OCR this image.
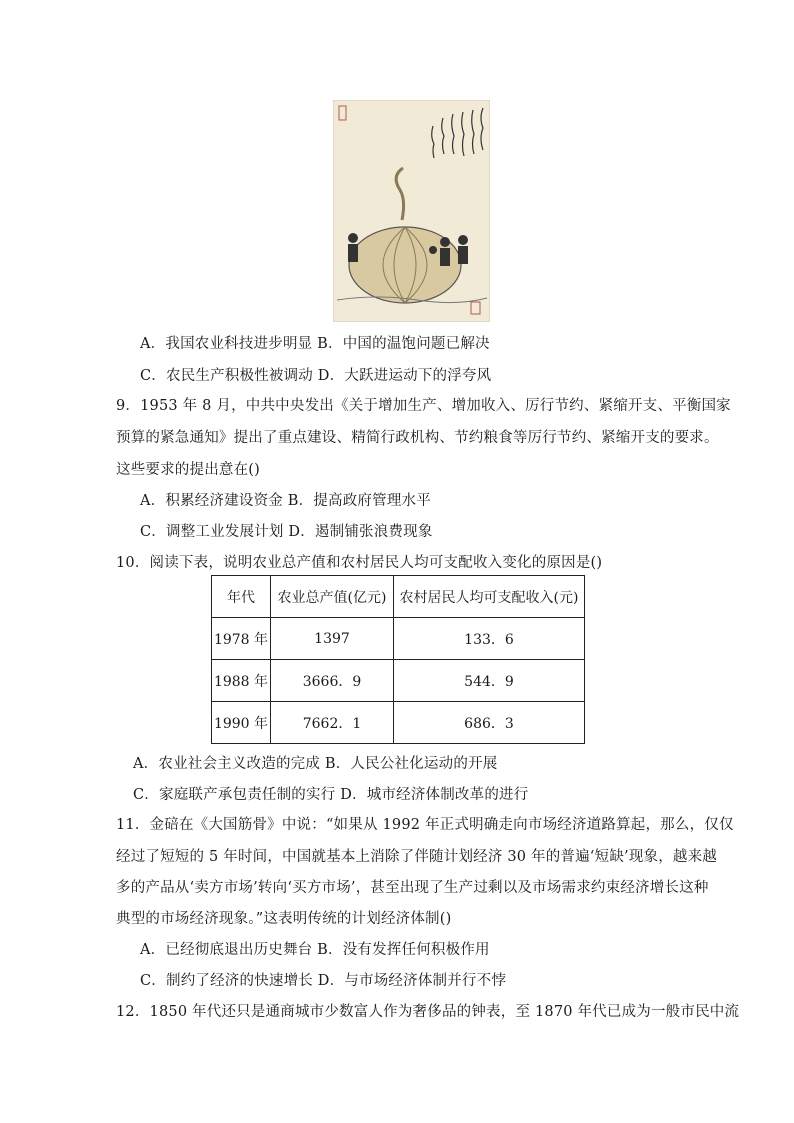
A．我国农业科技进步明显 B．中国的温饱问题已解决
C．农民生产积极性被调动 D．大跃进运动下的浮夸风
9．1953 年 8 月，中共中央发出《关于增加生产、增加收入、厉行节约、紧缩开支、平衡国家
预算的紧急通知》提出了重点建设、精简行政机构、节约粮食等厉行节约、紧缩开支的要求。
这些要求的提出意在()
A．积累经济建设资金 B．提高政府管理水平
C．调整工业发展计划 D．遏制铺张浪费现象
10．阅读下表，说明农业总产值和农村居民人均可支配收入变化的原因是()
年代	农业总产值(亿元)	农村居民人均可支配收入(元)
1978 年	1397	133．6
1988 年	3666．9	544．9
1990 年	7662．1	686．3
A．农业社会主义改造的完成 B．人民公社化运动的开展
C．家庭联产承包责任制的实行 D．城市经济体制改革的进行
11．金碚在《大国筋骨》中说：“如果从 1992 年正式明确走向市场经济道路算起，那么，仅仅
经过了短短的 5 年时间，中国就基本上消除了伴随计划经济 30 年的普遍‘短缺’现象，越来越
多的产品从‘卖方市场’转向‘买方市场’，甚至出现了生产过剩以及市场需求约束经济增长这种
典型的市场经济现象。”这表明传统的计划经济体制()
A．已经彻底退出历史舞台 B．没有发挥任何积极作用
C．制约了经济的快速增长 D．与市场经济体制并行不悖
12．1850 年代还只是通商城市少数富人作为奢侈品的钟表，至 1870 年代已成为一般市民中流
